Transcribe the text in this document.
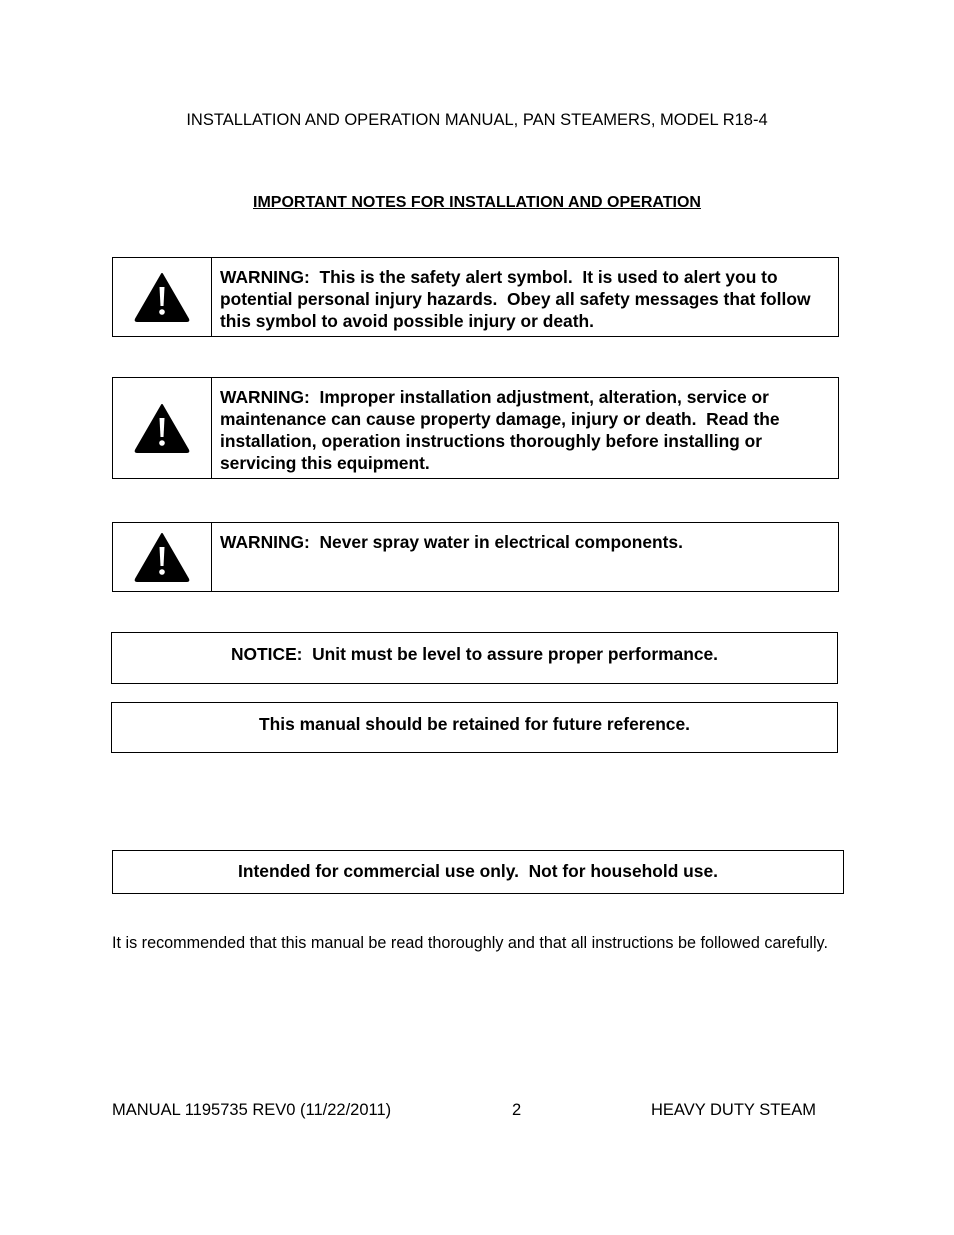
INSTALLATION AND OPERATION MANUAL, PAN STEAMERS, MODEL R18-4
IMPORTANT NOTES FOR INSTALLATION AND OPERATION
WARNING:  This is the safety alert symbol.  It is used to alert you to potential personal injury hazards.  Obey all safety messages that follow this symbol to avoid possible injury or death.
WARNING:  Improper installation adjustment, alteration, service or maintenance can cause property damage, injury or death.  Read the installation, operation instructions thoroughly before installing or servicing this equipment.
WARNING:  Never spray water in electrical components.
NOTICE:  Unit must be level to assure proper performance.
This manual should be retained for future reference.
Intended for commercial use only.  Not for household use.
It is recommended that this manual be read thoroughly and that all instructions be followed carefully.
MANUAL 1195735 REV0 (11/22/2011)	2	HEAVY DUTY STEAM
